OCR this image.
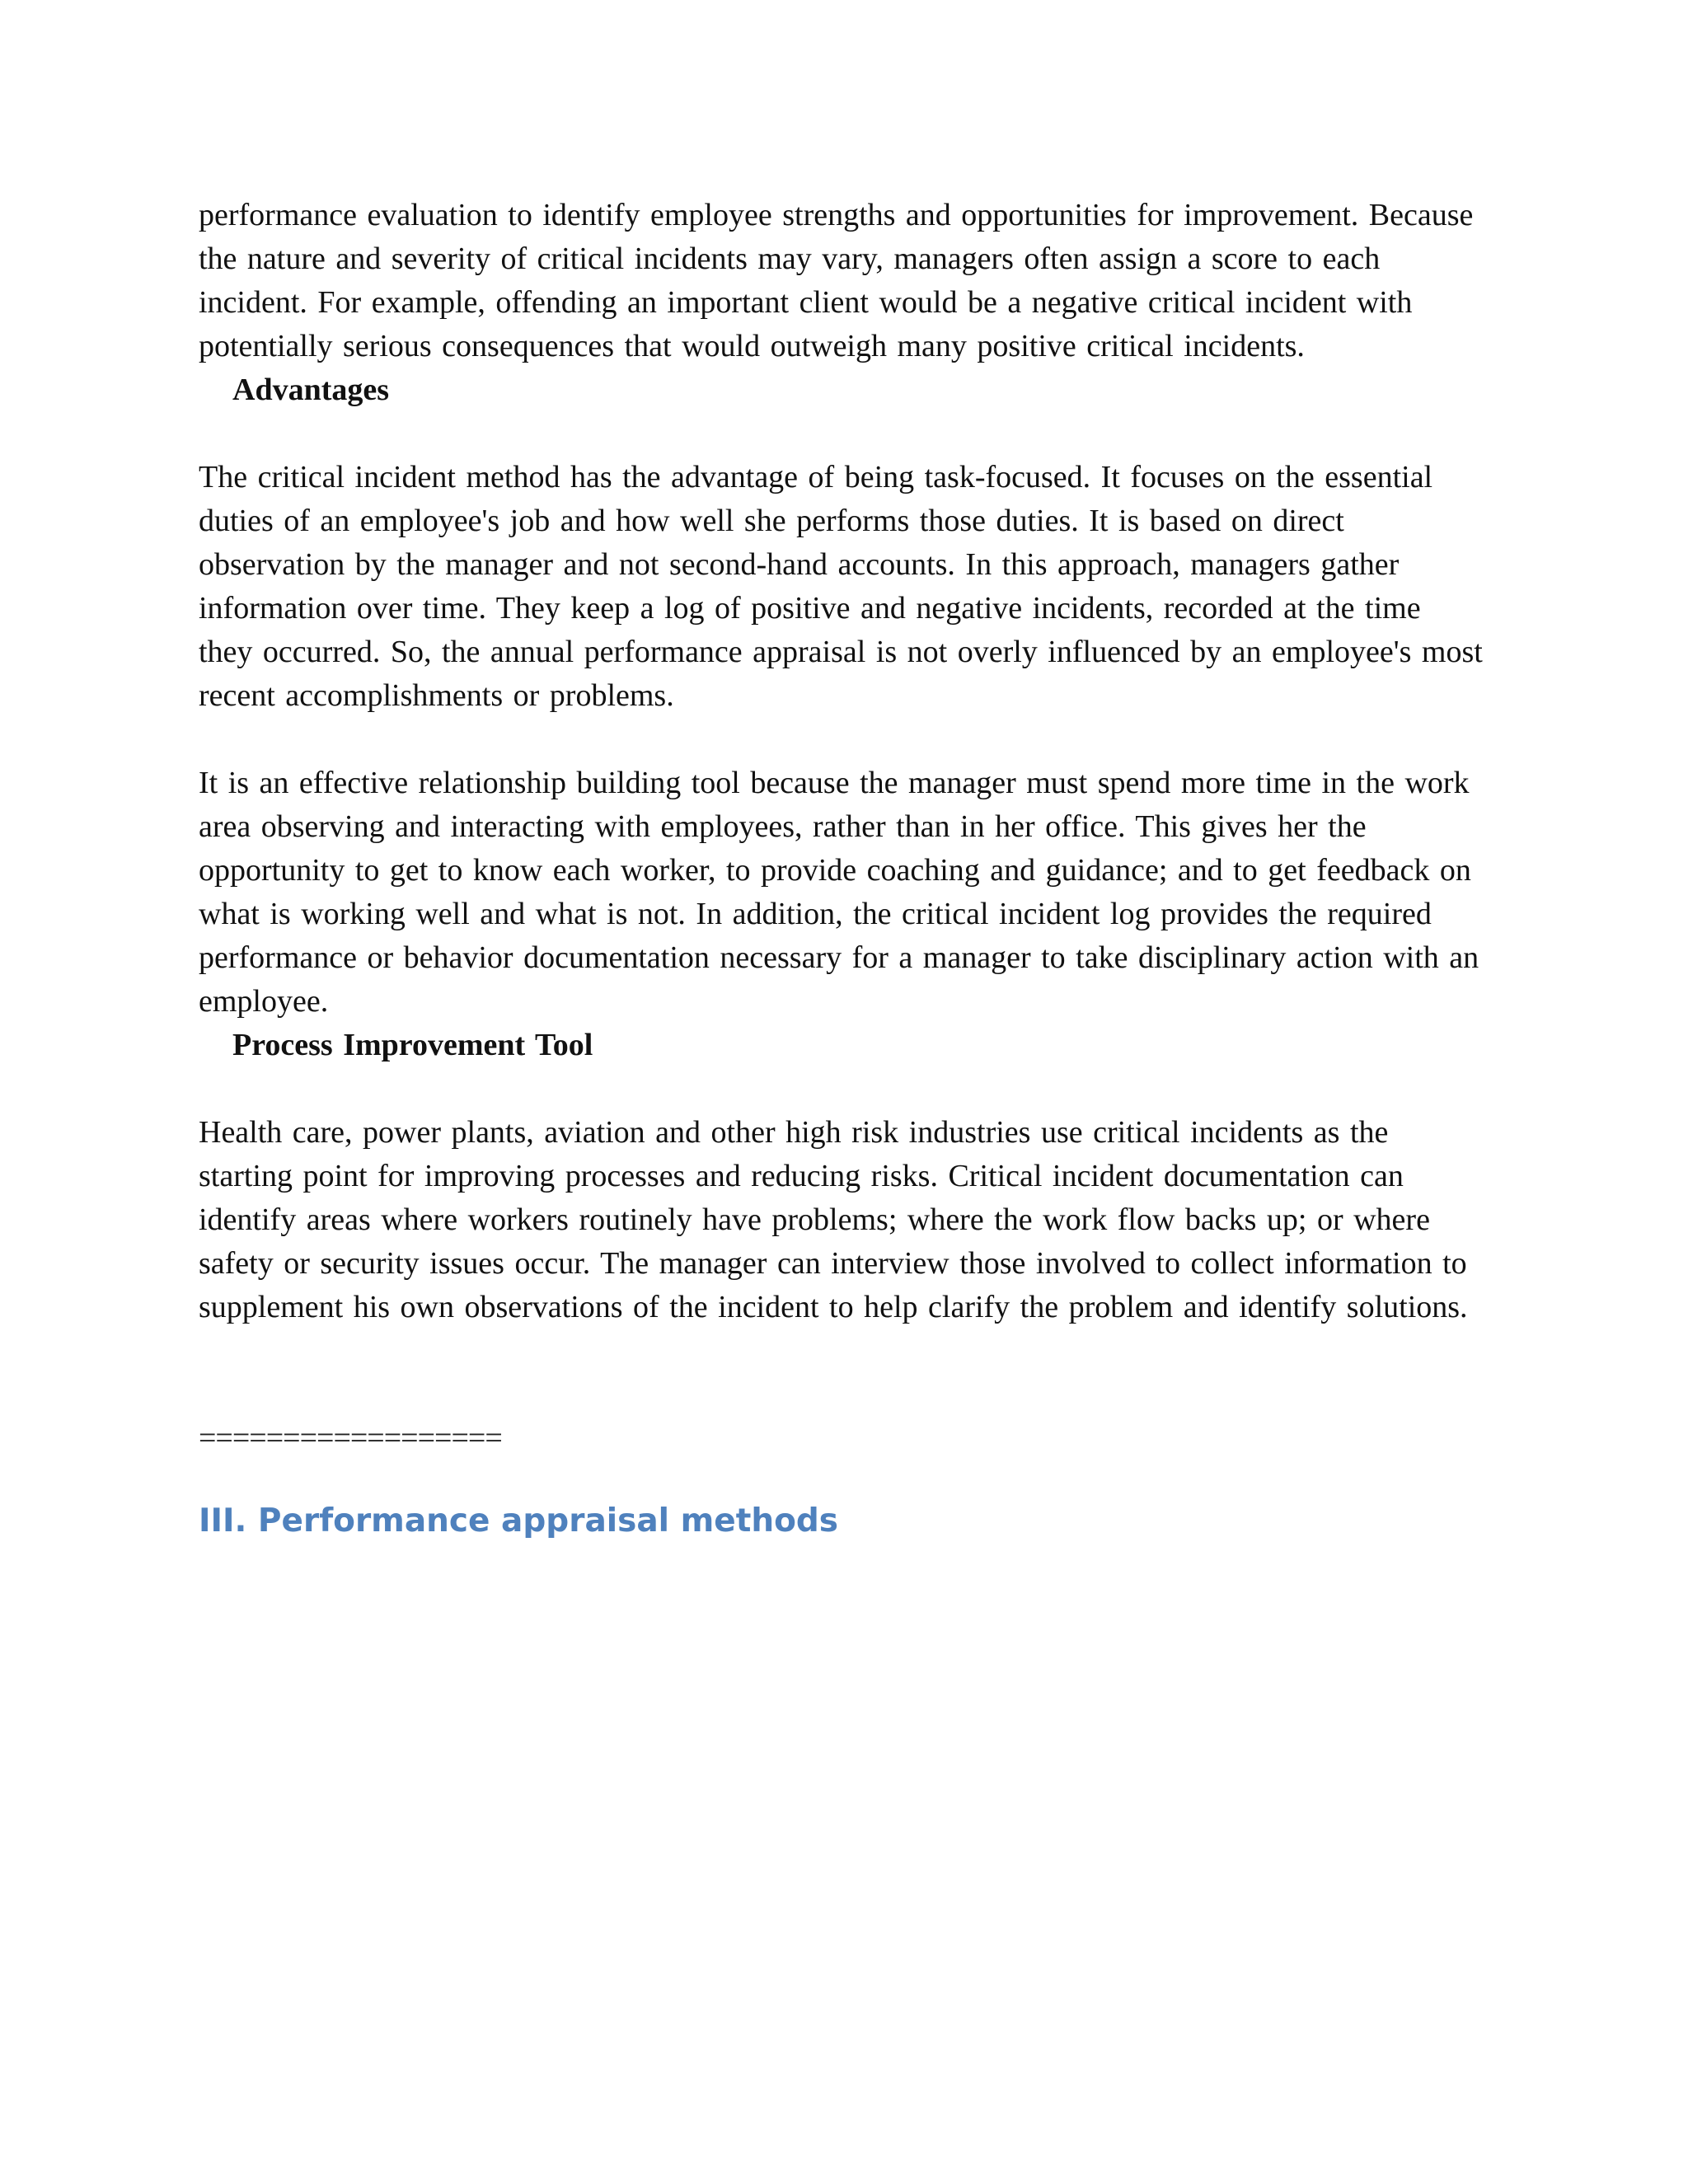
performance evaluation to identify employee strengths and opportunities for improvement. Because the nature and severity of critical incidents may vary, managers often assign a score to each incident. For example, offending an important client would be a negative critical incident with potentially serious consequences that would outweigh many positive critical incidents.

Advantages

The critical incident method has the advantage of being task-focused. It focuses on the essential duties of an employee's job and how well she performs those duties. It is based on direct observation by the manager and not second-hand accounts. In this approach, managers gather information over time. They keep a log of positive and negative incidents, recorded at the time they occurred. So, the annual performance appraisal is not overly influenced by an employee's most recent accomplishments or problems.

It is an effective relationship building tool because the manager must spend more time in the work area observing and interacting with employees, rather than in her office. This gives her the opportunity to get to know each worker, to provide coaching and guidance; and to get feedback on what is working well and what is not. In addition, the critical incident log provides the required performance or behavior documentation necessary for a manager to take disciplinary action with an employee.

Process Improvement Tool

Health care, power plants, aviation and other high risk industries use critical incidents as the starting point for improving processes and reducing risks. Critical incident documentation can identify areas where workers routinely have problems; where the work flow backs up; or where safety or security issues occur. The manager can interview those involved to collect information to supplement his own observations of the incident to help clarify the problem and identify solutions.

==================

III. Performance appraisal methods
